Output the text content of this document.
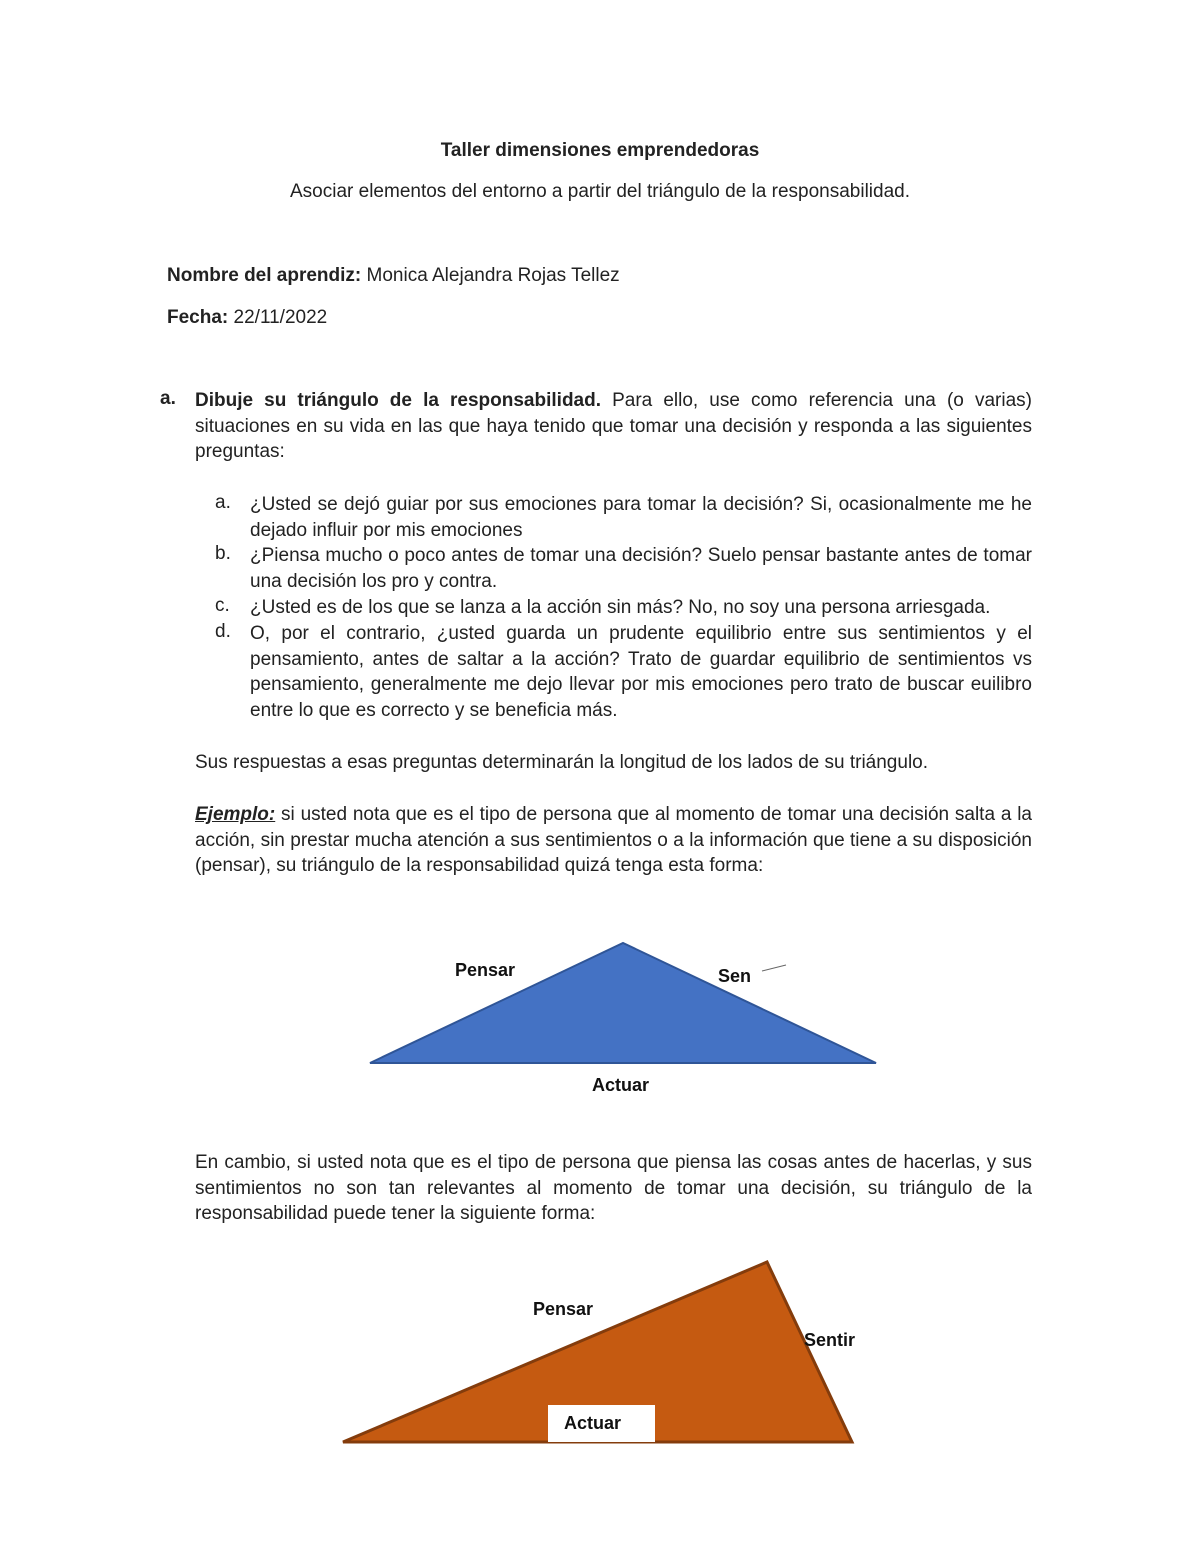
Taller dimensiones emprendedoras
Asociar elementos del entorno a partir del triángulo de la responsabilidad.
Nombre del aprendiz: Monica Alejandra Rojas Tellez
Fecha: 22/11/2022
a. Dibuje su triángulo de la responsabilidad. Para ello, use como referencia una (o varias) situaciones en su vida en las que haya tenido que tomar una decisión y responda a las siguientes preguntas:
a. ¿Usted se dejó guiar por sus emociones para tomar la decisión? Si, ocasionalmente me he dejado influir por mis emociones
b. ¿Piensa mucho o poco antes de tomar una decisión? Suelo pensar bastante antes de tomar una decisión los pro y contra.
c. ¿Usted es de los que se lanza a la acción sin más? No, no soy una persona arriesgada.
d. O, por el contrario, ¿usted guarda un prudente equilibrio entre sus sentimientos y el pensamiento, antes de saltar a la acción? Trato de guardar equilibrio de sentimientos vs pensamiento, generalmente me dejo llevar por mis emociones pero trato de buscar euilibro entre lo que es correcto y se beneficia más.
Sus respuestas a esas preguntas determinarán la longitud de los lados de su triángulo.
Ejemplo: si usted nota que es el tipo de persona que al momento de tomar una decisión salta a la acción, sin prestar mucha atención a sus sentimientos o a la información que tiene a su disposición (pensar), su triángulo de la responsabilidad quizá tenga esta forma:
Pensar	Sen
Actuar
En cambio, si usted nota que es el tipo de persona que piensa las cosas antes de hacerlas, y sus sentimientos no son tan relevantes al momento de tomar una decisión, su triángulo de la responsabilidad puede tener la siguiente forma:
Pensar
Sentir
Actuar
